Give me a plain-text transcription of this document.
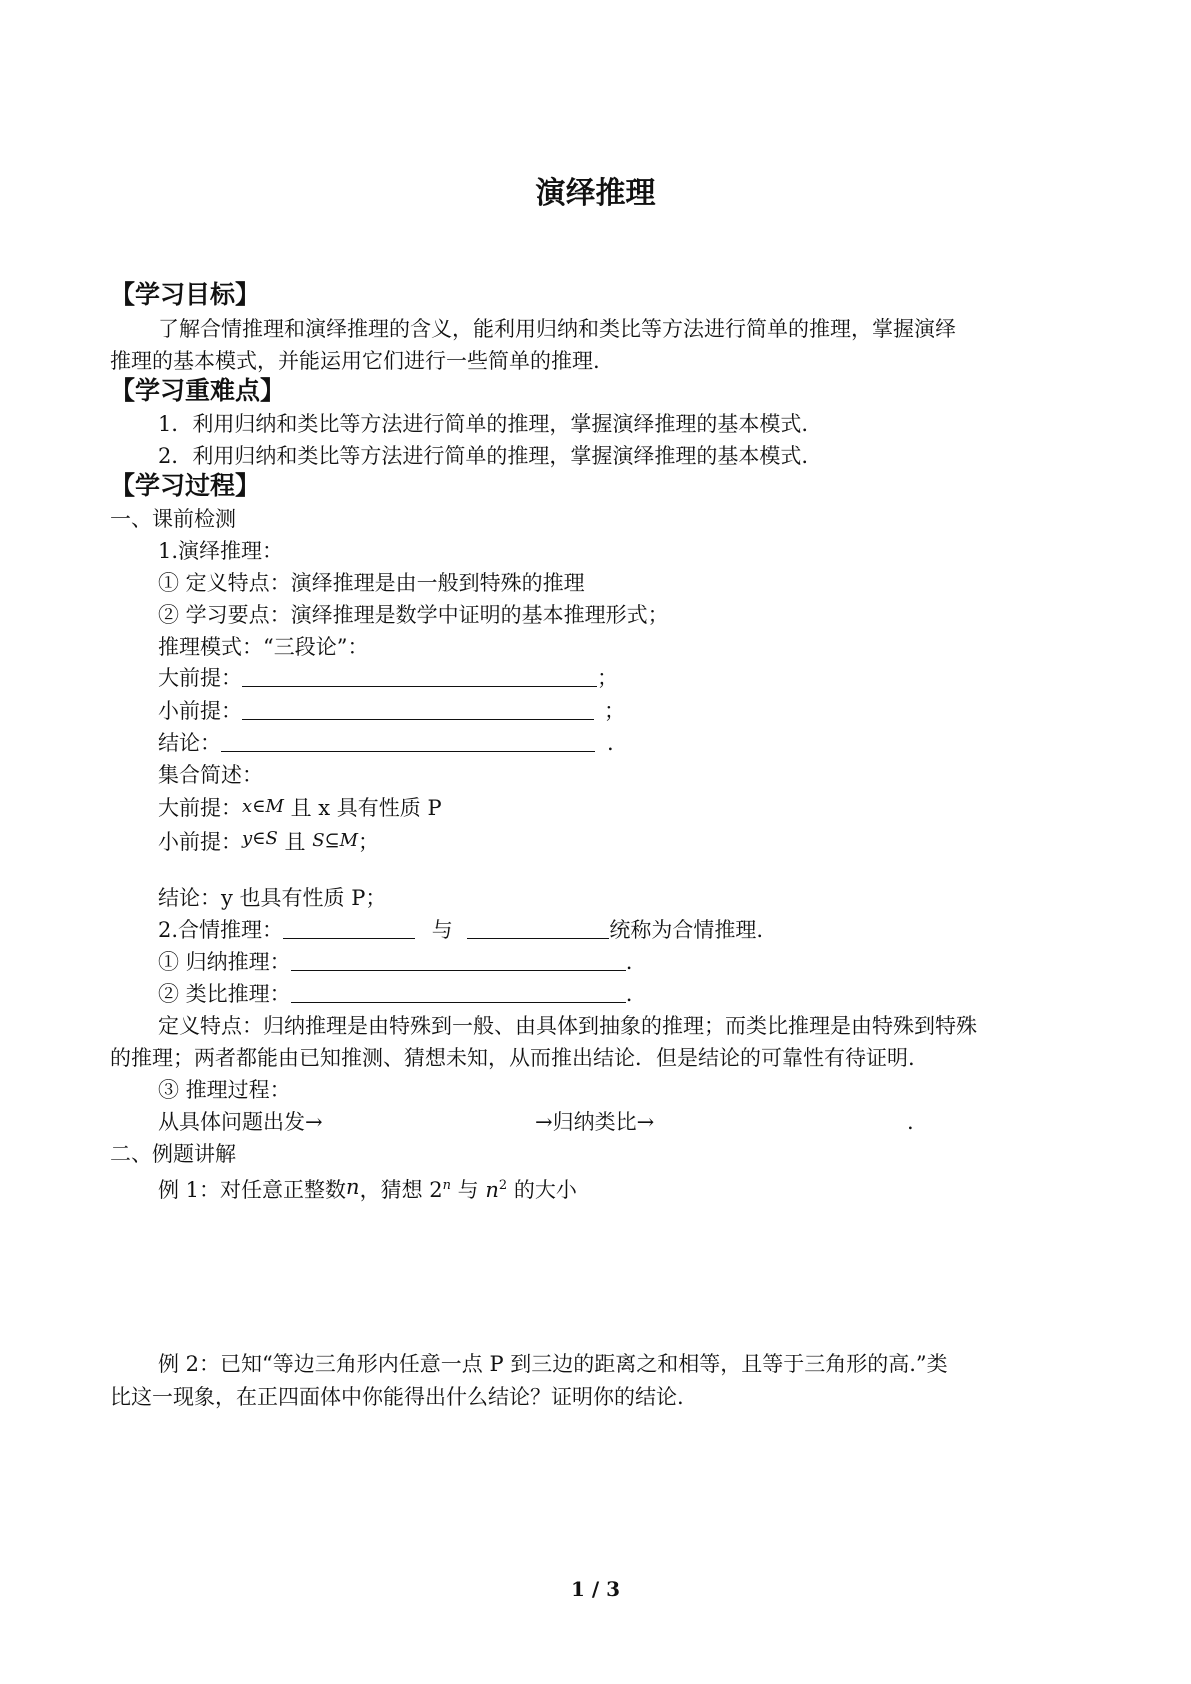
演绎推理
【学习目标】
了解合情推理和演绎推理的含义，能利用归纳和类比等方法进行简单的推理，掌握演绎
推理的基本模式，并能运用它们进行一些简单的推理.
【学习重难点】
1．利用归纳和类比等方法进行简单的推理，掌握演绎推理的基本模式.
2．利用归纳和类比等方法进行简单的推理，掌握演绎推理的基本模式.
【学习过程】
一、课前检测
1.演绎推理：
① 定义特点：演绎推理是由一般到特殊的推理
② 学习要点：演绎推理是数学中证明的基本推理形式；
推理模式：“三段论”：
大前提：	；
小前提：	；
结论：	.
集合简述：
大前提：x∈M 且 x 具有性质 P
小前提：y∈S 且 S⊆M；
结论：y 也具有性质 P；
2.合情推理：	与	统称为合情推理.
① 归纳推理：	.
② 类比推理：	.
定义特点：归纳推理是由特殊到一般、由具体到抽象的推理；而类比推理是由特殊到特殊
的推理；两者都能由已知推测、猜想未知，从而推出结论．但是结论的可靠性有待证明.
③ 推理过程：
从具体问题出发→	→归纳类比→	.
二、例题讲解
例 1：对任意正整数n，猜想 2$^n$ 与 $n^2$ 的大小
例 2：已知“等边三角形内任意一点 P 到三边的距离之和相等，且等于三角形的高.”类
比这一现象，在正四面体中你能得出什么结论？证明你的结论.
1 / 3
